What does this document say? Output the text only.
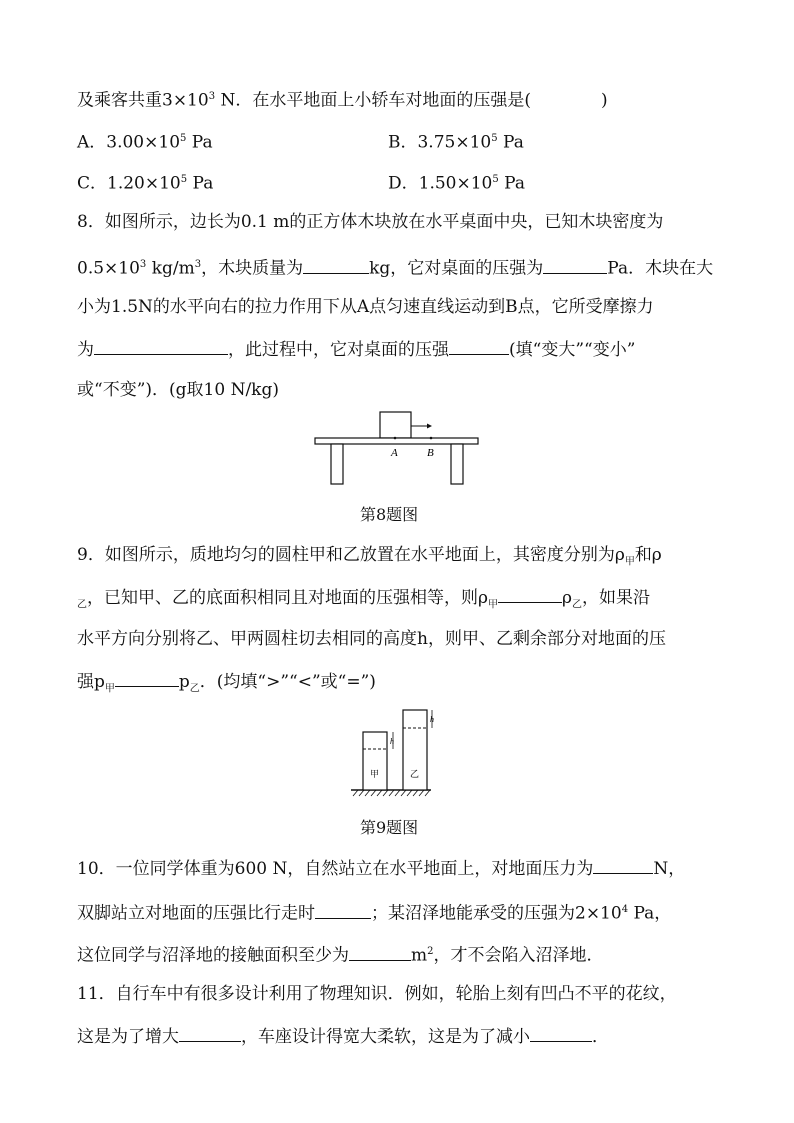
及乘客共重$3\times 10^3$ N．在水平地面上小轿车对地面的压强是(	)
A．$3.00\times 10^5$ Pa	B．$3.75\times 10^5$ Pa
C．$1.20\times 10^5$ Pa	D．$1.50\times 10^5$ Pa
8．如图所示，边长为0.1 m的正方体木块放在水平桌面中央，已知木块密度为
$0.5\times 10^3$ $kg/m^3$，木块质量为	kg，它对桌面的压强为	Pa．木块在大
小为1.5N的水平向右的拉力作用下从A点匀速直线运动到B点，它所受摩擦力
为	，此过程中，它对桌面的压强	(填“变大”“变小”
或“不变”)．(g取10 N/kg)
A	B
第8题图
9．如图所示，质地均匀的圆柱甲和乙放置在水平地面上，其密度分别为$\rho_甲$和ρ
$_乙$，已知甲、乙的底面积相同且对地面的压强相等，则$\rho_甲$	$\rho_乙$，如果沿
水平方向分别将乙、甲两圆柱切去相同的高度h，则甲、乙剩余部分对地面的压
强$p_甲$	$p_乙$．(均填“>”“<”或“=”)
h
甲
h
乙
第9题图
10．一位同学体重为600 N，自然站立在水平地面上，对地面压力为	N，
双脚站立对地面的压强比行走时	；某沼泽地能承受的压强为$2\times 10^4$ Pa，
这位同学与沼泽地的接触面积至少为	$m^2$，才不会陷入沼泽地．
11．自行车中有很多设计利用了物理知识．例如，轮胎上刻有凹凸不平的花纹，
这是为了增大	，车座设计得宽大柔软，这是为了减小	．
